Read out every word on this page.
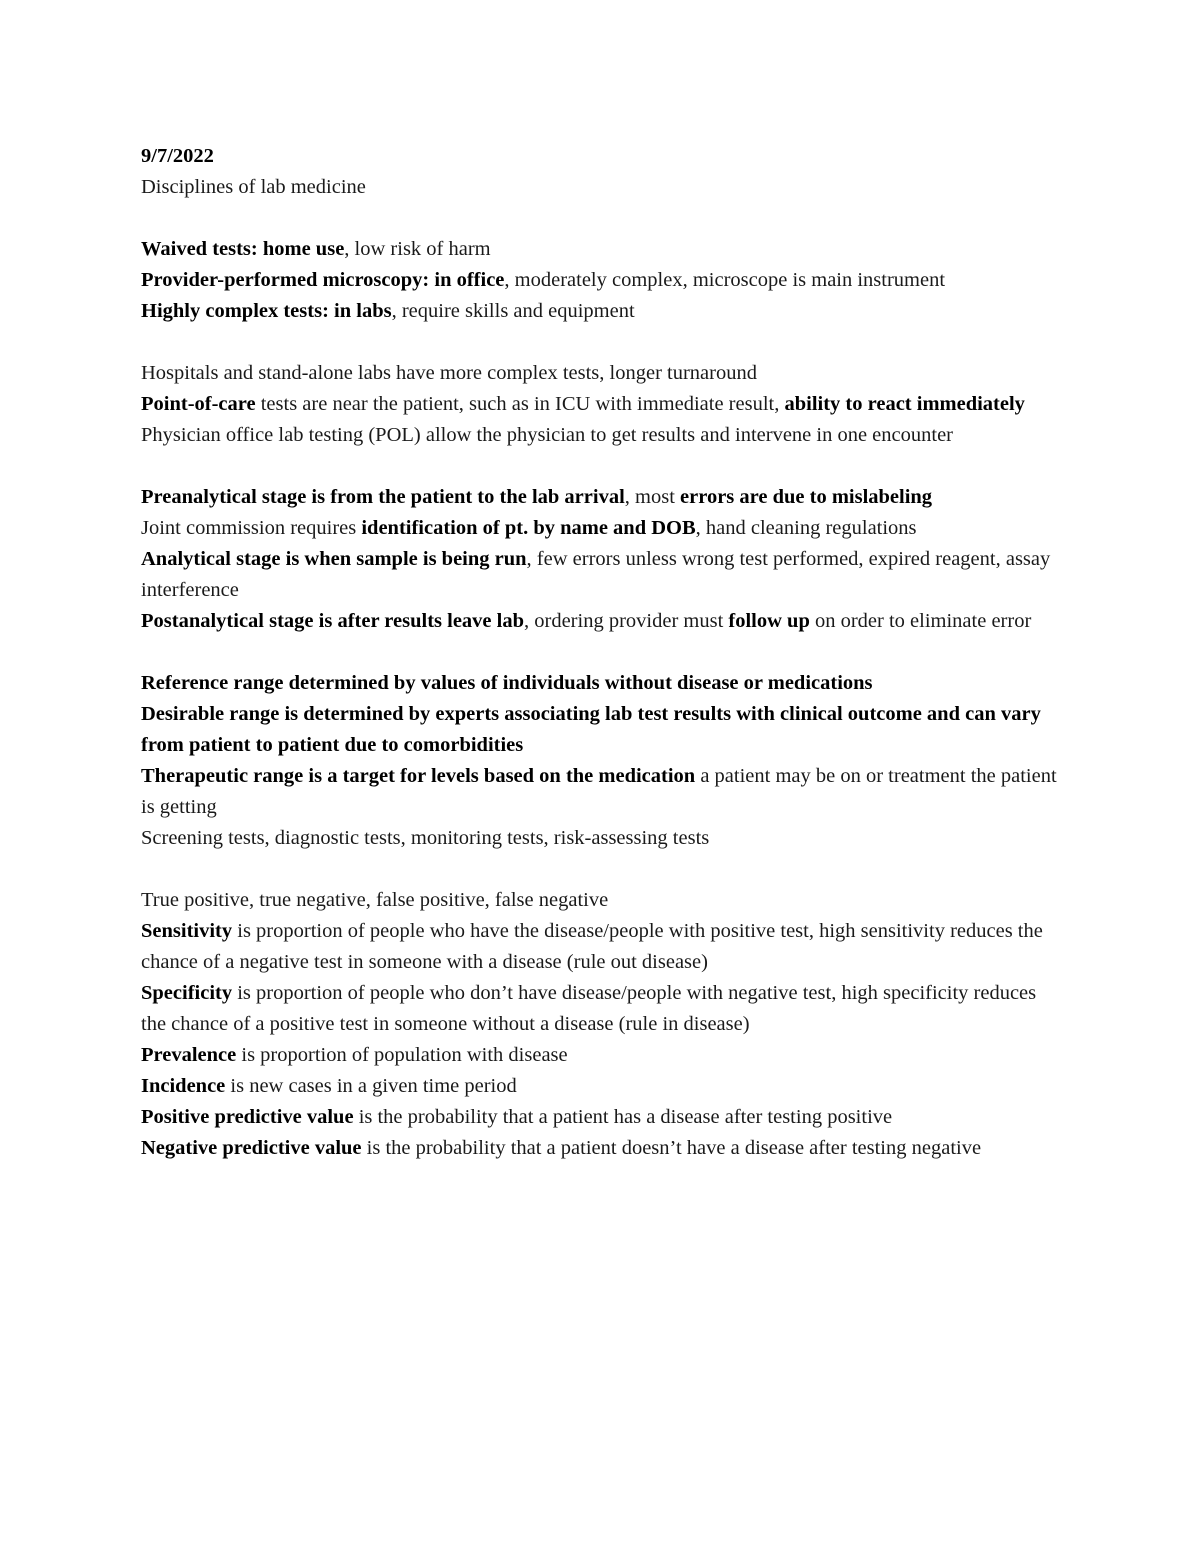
9/7/2022

Disciplines of lab medicine

Waived tests: home use, low risk of harm

Provider-performed microscopy: in office, moderately complex, microscope is main instrument

Highly complex tests: in labs, require skills and equipment

Hospitals and stand-alone labs have more complex tests, longer turnaround

Point-of-care tests are near the patient, such as in ICU with immediate result, ability to react immediately

Physician office lab testing (POL) allow the physician to get results and intervene in one encounter

Preanalytical stage is from the patient to the lab arrival, most errors are due to mislabeling

Joint commission requires identification of pt. by name and DOB, hand cleaning regulations

Analytical stage is when sample is being run, few errors unless wrong test performed, expired reagent, assay interference

Postanalytical stage is after results leave lab, ordering provider must follow up on order to eliminate error

Reference range determined by values of individuals without disease or medications

Desirable range is determined by experts associating lab test results with clinical outcome and can vary from patient to patient due to comorbidities

Therapeutic range is a target for levels based on the medication a patient may be on or treatment the patient is getting

Screening tests, diagnostic tests, monitoring tests, risk-assessing tests

True positive, true negative, false positive, false negative

Sensitivity is proportion of people who have the disease/people with positive test, high sensitivity reduces the chance of a negative test in someone with a disease (rule out disease)

Specificity is proportion of people who don’t have disease/people with negative test, high specificity reduces the chance of a positive test in someone without a disease (rule in disease)

Prevalence is proportion of population with disease

Incidence is new cases in a given time period

Positive predictive value is the probability that a patient has a disease after testing positive

Negative predictive value is the probability that a patient doesn’t have a disease after testing negative
